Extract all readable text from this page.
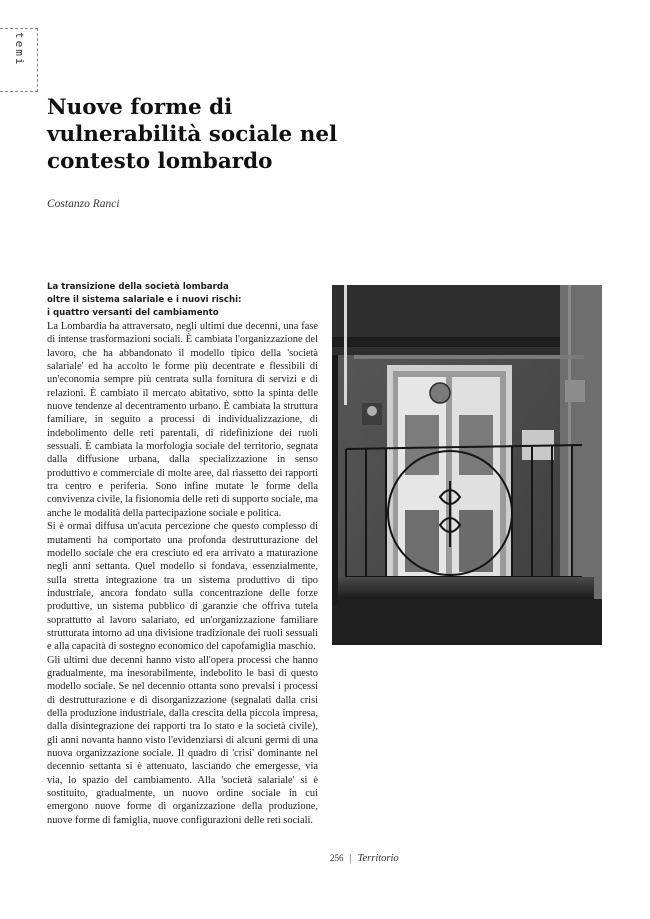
temi
Nuove forme di vulnerabilità sociale nel contesto lombardo
Costanzo Ranci
La transizione della società lombarda
oltre il sistema salariale e i nuovi rischi:
i quattro versanti del cambiamento

La Lombardia ha attraversato, negli ultimi due decenni, una fase di intense trasformazioni sociali. È cambiata l'organizzazione del lavoro, che ha abbandonato il modello tipico della 'società salariale' ed ha accolto le forme più decentrate e flessibili di un'economia sempre più centrata sulla fornitura di servizi e di relazioni. È cambiato il mercato abitativo, sotto la spinta delle nuove tendenze al decentramento urbano. È cambiata la struttura familiare, in seguito a processi di individualizzazione, di indebolimento delle reti parentali, di ridefinizione dei ruoli sessuali. È cambiata la morfologia sociale del territorio, segnata dalla diffusione urbana, dalla specializzazione in senso produttivo e commerciale di molte aree, dal riassetto dei rapporti tra centro e periferia. Sono infine mutate le forme della convivenza civile, la fisionomia delle reti di supporto sociale, ma anche le modalità della partecipazione sociale e politica.

Si è ormai diffusa un'acuta percezione che questo complesso di mutamenti ha comportato una profonda destrutturazione del modello sociale che era cresciuto ed era arrivato a maturazione negli anni settanta. Quel modello si fondava, essenzialmente, sulla stretta integrazione tra un sistema produttivo di tipo industriale, ancora fondato sulla concentrazione delle forze produttive, un sistema pubblico di garanzie che offriva tutela soprattutto al lavoro salariato, ed un'organizzazione familiare strutturata intorno ad una divisione tradizionale dei ruoli sessuali e alla capacità di sostegno economico del capofamiglia maschio.

Gli ultimi due decenni hanno visto all'opera processi che hanno gradualmente, ma inesorabilmente, indebolito le basi di questo modello sociale. Se nel decennio ottanta sono prevalsi i processi di destrutturazione e di disorganizzazione (segnalati dalla crisi della produzione industriale, dalla crescita della piccola impresa, dalla disintegrazione dei rapporti tra lo stato e la società civile), gli anni novanta hanno visto l'evidenziarsi di alcuni germi di una nuova organizzazione sociale. Il quadro di 'crisi' dominante nel decennio settanta si è attenuato, lasciando che emergesse, via via, lo spazio del cambiamento. Alla 'società salariale' si è sostituito, gradualmente, un nuovo ordine sociale in cui emergono nuove forme di organizzazione della produzione, nuove forme di famiglia, nuove configurazioni delle reti sociali.

256 | Territorio
